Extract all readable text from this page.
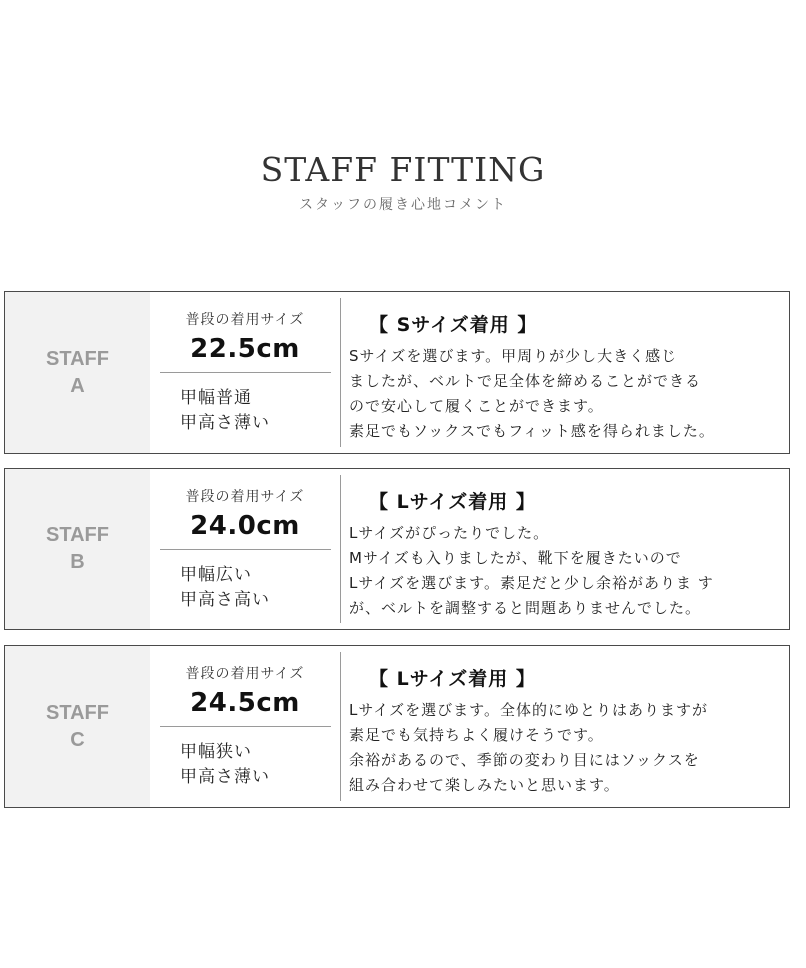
STAFF FITTING
スタッフの履き心地コメント
STAFF
A
普段の着用サイズ
22.5cm
甲幅普通
甲高さ薄い
【 Sサイズ着用 】
Sサイズを選びます。甲周りが少し大きく感じ
ましたが、ベルトで足全体を締めることができる
ので安心して履くことができます。
素足でもソックスでもフィット感を得られました。
STAFF
B
普段の着用サイズ
24.0cm
甲幅広い
甲高さ高い
【 Lサイズ着用 】
Lサイズがぴったりでした。
Mサイズも入りましたが、靴下を履きたいので
Lサイズを選びます。素足だと少し余裕がありま す
が、ベルトを調整すると問題ありませんでした。
STAFF
C
普段の着用サイズ
24.5cm
甲幅狭い
甲高さ薄い
【 Lサイズ着用 】
Lサイズを選びます。全体的にゆとりはありますが
素足でも気持ちよく履けそうです。
余裕があるので、季節の変わり目にはソックスを
組み合わせて楽しみたいと思います。
